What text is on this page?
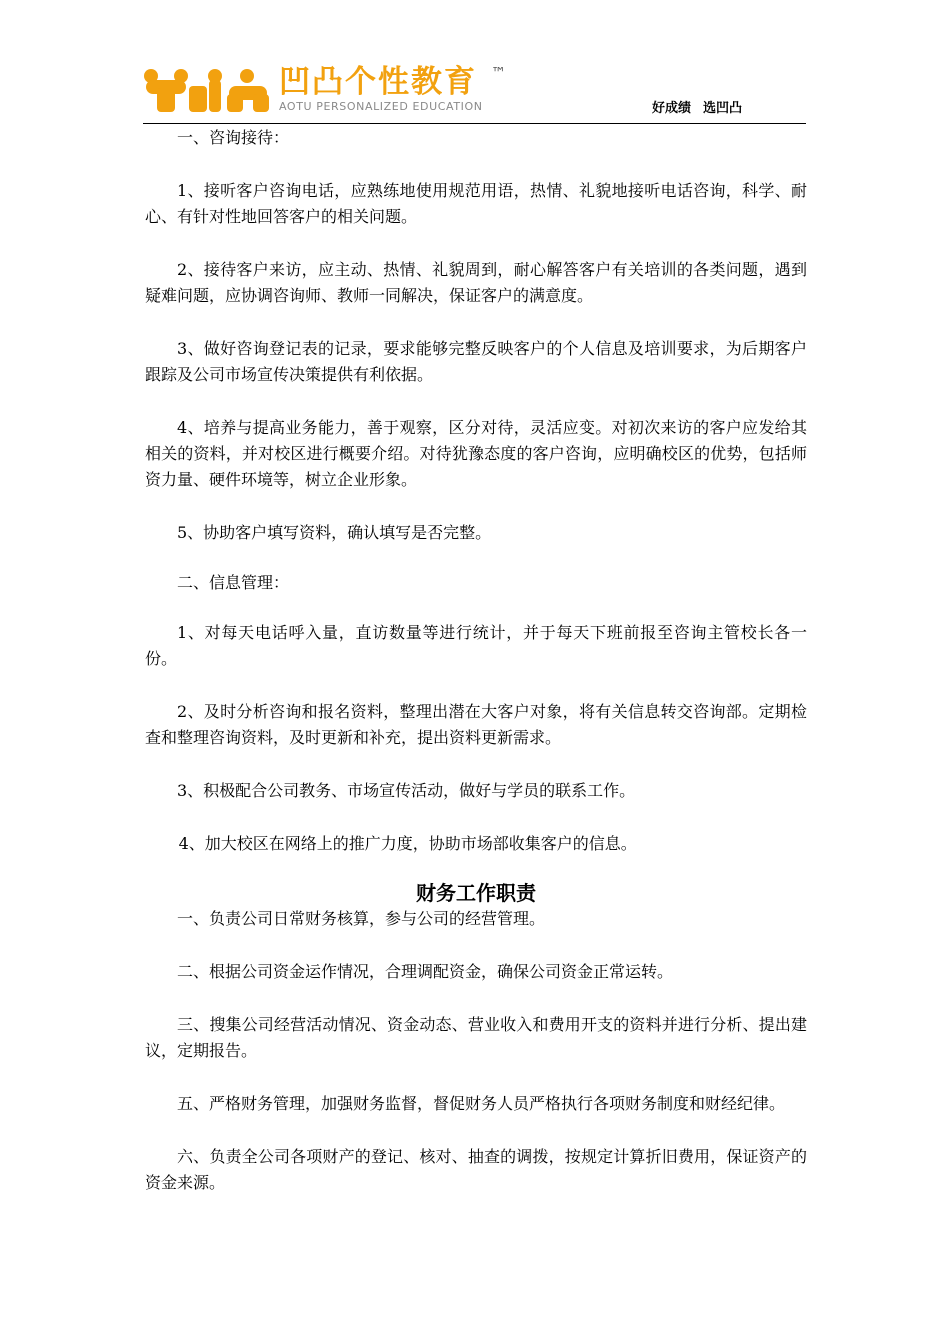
凹凸个性教育 ™
AOTU PERSONALIZED EDUCATION	好成绩 选凹凸

一、咨询接待：

1、接听客户咨询电话，应熟练地使用规范用语，热情、礼貌地接听电话咨询，科学、耐心、有针对性地回答客户的相关问题。

2、接待客户来访，应主动、热情、礼貌周到，耐心解答客户有关培训的各类问题，遇到疑难问题，应协调咨询师、教师一同解决，保证客户的满意度。

3、做好咨询登记表的记录，要求能够完整反映客户的个人信息及培训要求，为后期客户跟踪及公司市场宣传决策提供有利依据。

4、培养与提高业务能力，善于观察，区分对待，灵活应变。对初次来访的客户应发给其相关的资料，并对校区进行概要介绍。对待犹豫态度的客户咨询，应明确校区的优势，包括师资力量、硬件环境等，树立企业形象。

5、协助客户填写资料，确认填写是否完整。

二、信息管理：

1、对每天电话呼入量，直访数量等进行统计，并于每天下班前报至咨询主管校长各一份。

2、及时分析咨询和报名资料，整理出潜在大客户对象，将有关信息转交咨询部。定期检查和整理咨询资料，及时更新和补充，提出资料更新需求。

3、积极配合公司教务、市场宣传活动，做好与学员的联系工作。

4、加大校区在网络上的推广力度，协助市场部收集客户的信息。

财务工作职责

一、负责公司日常财务核算，参与公司的经营管理。

二、根据公司资金运作情况，合理调配资金，确保公司资金正常运转。

三、搜集公司经营活动情况、资金动态、营业收入和费用开支的资料并进行分析、提出建议，定期报告。

五、严格财务管理，加强财务监督，督促财务人员严格执行各项财务制度和财经纪律。

六、负责全公司各项财产的登记、核对、抽查的调拨，按规定计算折旧费用，保证资产的资金来源。
